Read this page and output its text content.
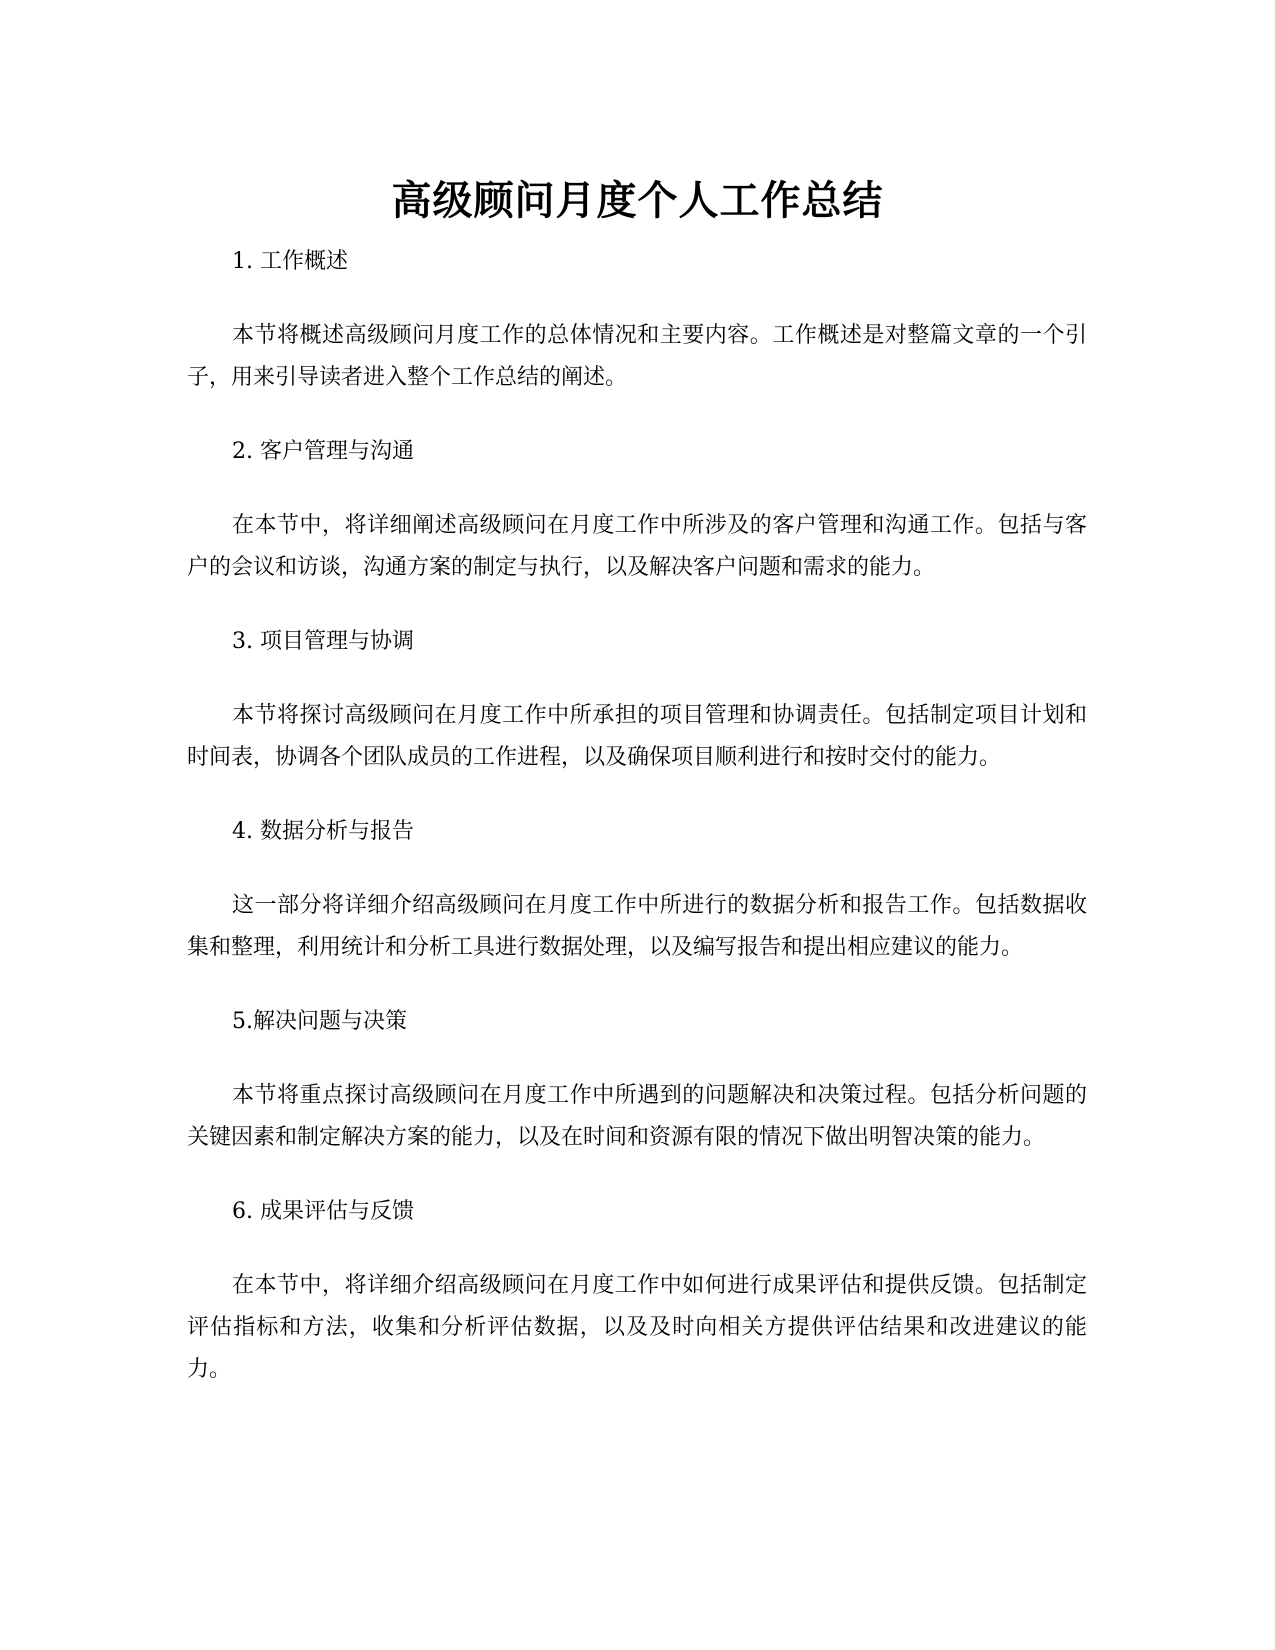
高级顾问月度个人工作总结

1. 工作概述

本节将概述高级顾问月度工作的总体情况和主要内容。工作概述是对整篇文章的一个引子，用来引导读者进入整个工作总结的阐述。

2. 客户管理与沟通

在本节中，将详细阐述高级顾问在月度工作中所涉及的客户管理和沟通工作。包括与客户的会议和访谈，沟通方案的制定与执行，以及解决客户问题和需求的能力。

3. 项目管理与协调

本节将探讨高级顾问在月度工作中所承担的项目管理和协调责任。包括制定项目计划和时间表，协调各个团队成员的工作进程，以及确保项目顺利进行和按时交付的能力。

4. 数据分析与报告

这一部分将详细介绍高级顾问在月度工作中所进行的数据分析和报告工作。包括数据收集和整理，利用统计和分析工具进行数据处理，以及编写报告和提出相应建议的能力。

5.解决问题与决策

本节将重点探讨高级顾问在月度工作中所遇到的问题解决和决策过程。包括分析问题的关键因素和制定解决方案的能力，以及在时间和资源有限的情况下做出明智决策的能力。

6. 成果评估与反馈

在本节中，将详细介绍高级顾问在月度工作中如何进行成果评估和提供反馈。包括制定评估指标和方法，收集和分析评估数据，以及及时向相关方提供评估结果和改进建议的能力。
